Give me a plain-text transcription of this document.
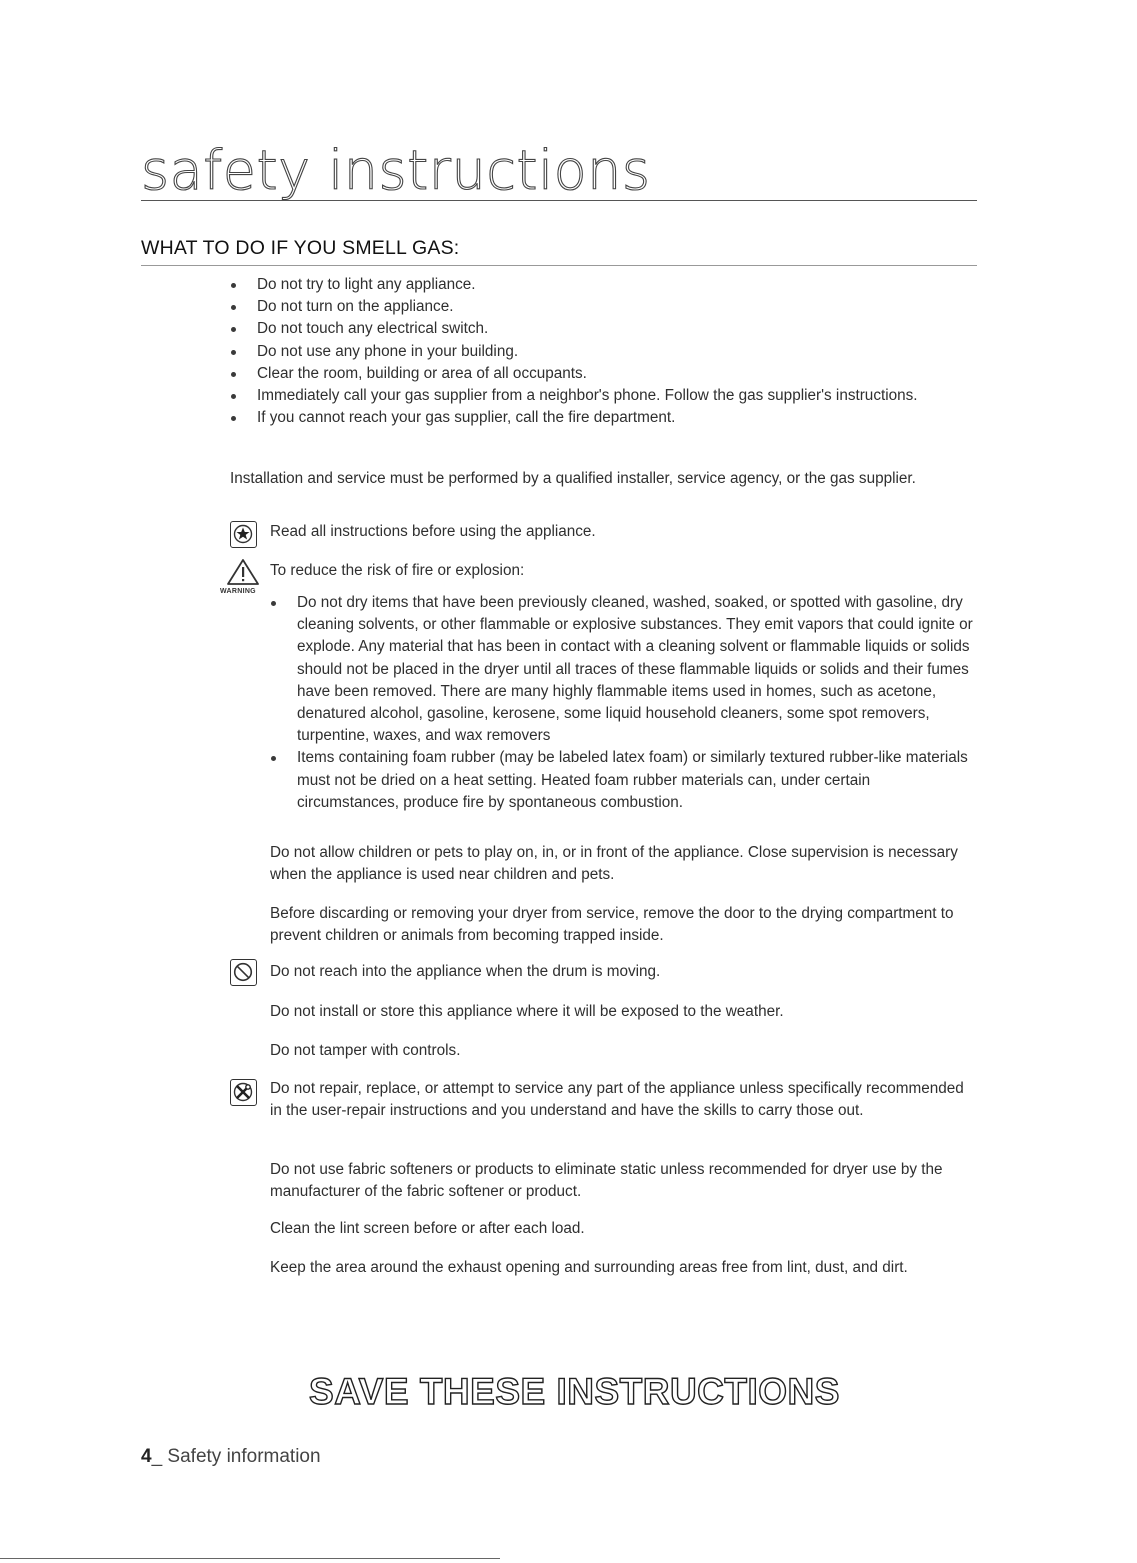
safety instructions
WHAT TO DO IF YOU SMELL GAS:
Do not try to light any appliance.
Do not turn on the appliance.
Do not touch any electrical switch.
Do not use any phone in your building.
Clear the room, building or area of all occupants.
Immediately call your gas supplier from a neighbor's phone. Follow the gas supplier's instructions.
If you cannot reach your gas supplier, call the fire department.
Installation and service must be performed by a qualified installer, service agency, or the gas supplier.
Read all instructions before using the appliance.
WARNING
To reduce the risk of fire or explosion:
Do not dry items that have been previously cleaned, washed, soaked, or spotted with gasoline, dry cleaning solvents, or other flammable or explosive substances. They emit vapors that could ignite or explode. Any material that has been in contact with a cleaning solvent or flammable liquids or solids should not be placed in the dryer until all traces of these flammable liquids or solids and their fumes have been removed. There are many highly flammable items used in homes, such as acetone, denatured alcohol, gasoline, kerosene, some liquid household cleaners, some spot removers, turpentine, waxes, and wax removers
Items containing foam rubber (may be labeled latex foam) or similarly textured rubber-like materials must not be dried on a heat setting. Heated foam rubber materials can, under certain circumstances, produce fire by spontaneous combustion.
Do not allow children or pets to play on, in, or in front of the appliance. Close supervision is necessary when the appliance is used near children and pets.
Before discarding or removing your dryer from service, remove the door to the drying compartment to prevent children or animals from becoming trapped inside.
Do not reach into the appliance when the drum is moving.
Do not install or store this appliance where it will be exposed to the weather.
Do not tamper with controls.
Do not repair, replace, or attempt to service any part of the appliance unless specifically recommended in the user-repair instructions and you understand and have the skills to carry those out.
Do not use fabric softeners or products to eliminate static unless recommended for dryer use by the manufacturer of the fabric softener or product.
Clean the lint screen before or after each load.
Keep the area around the exhaust opening and surrounding areas free from lint, dust, and dirt.
SAVE THESE INSTRUCTIONS
4_ Safety information
